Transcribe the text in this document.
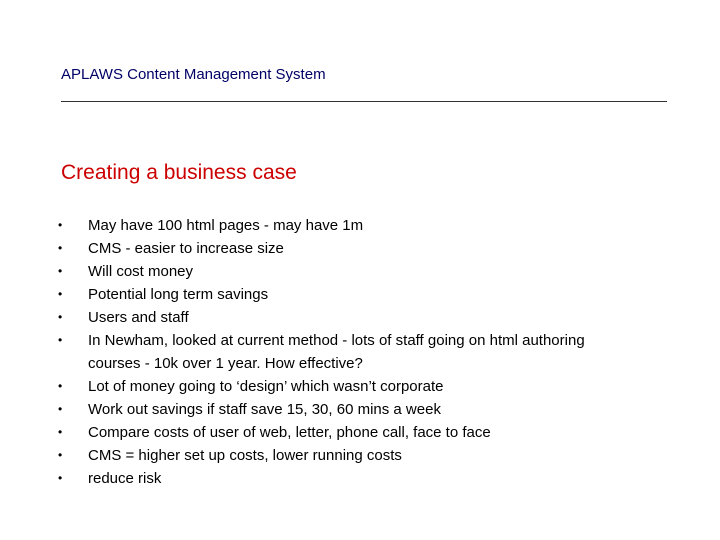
APLAWS Content Management System
Creating a business case
•	May have 100 html pages - may have 1m
•	CMS - easier to increase size
•	Will cost money
•	Potential long term savings
•	Users and staff
•	In Newham, looked at current method - lots of staff going on html authoring courses - 10k over 1 year. How effective?
•	Lot of money going to ‘design’ which wasn’t corporate
•	Work out savings if staff save 15, 30, 60 mins a week
•	Compare costs of user of web, letter, phone call, face to face
•	CMS = higher set up costs, lower running costs
•	reduce risk
